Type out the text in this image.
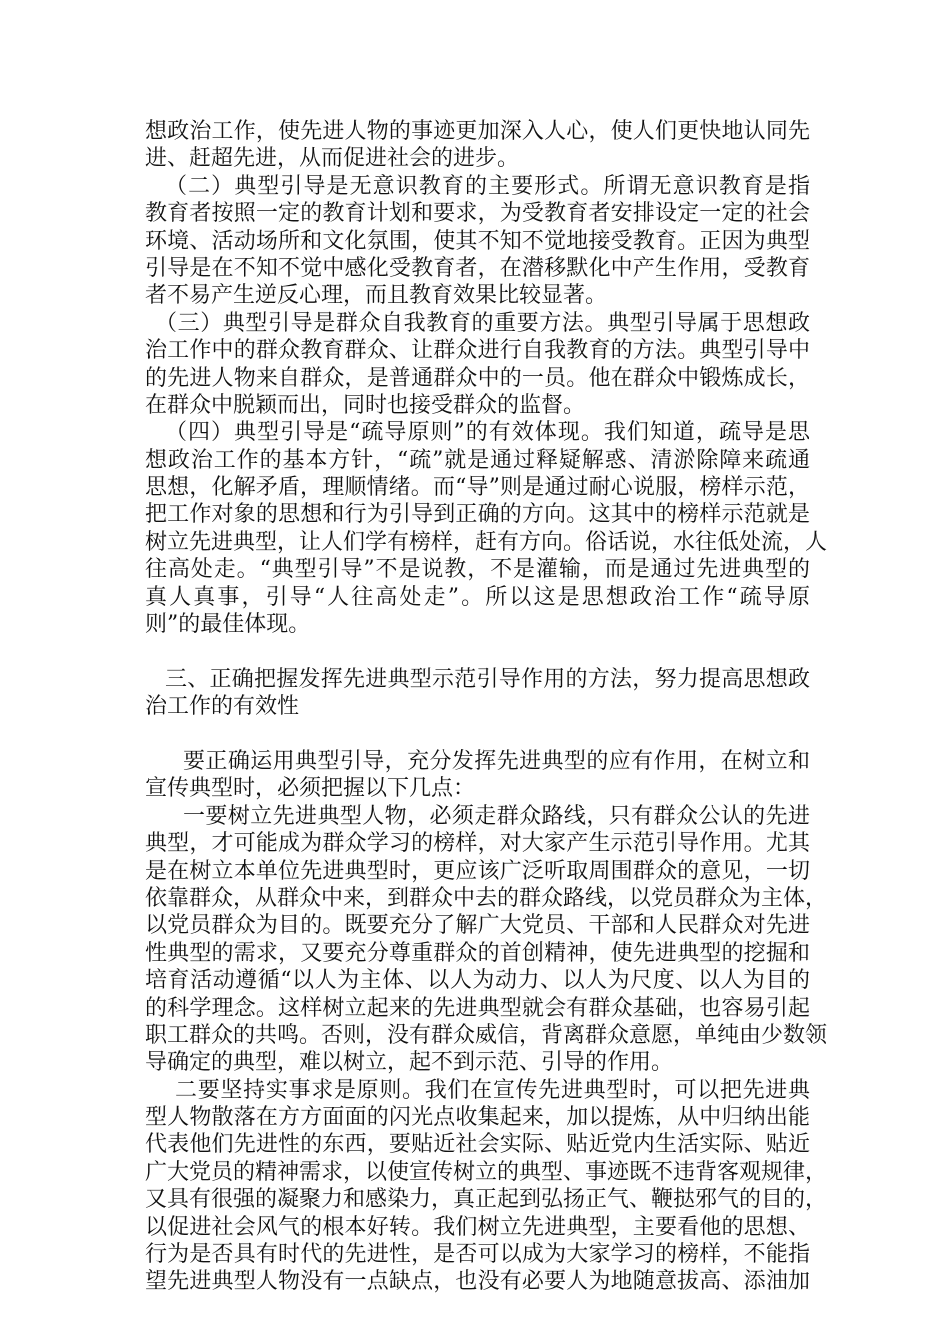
想政治工作，使先进人物的事迹更加深入人心，使人们更快地认同先
进、赶超先进，从而促进社会的进步。
（二）典型引导是无意识教育的主要形式。所谓无意识教育是指
教育者按照一定的教育计划和要求，为受教育者安排设定一定的社会
环境、活动场所和文化氛围，使其不知不觉地接受教育。正因为典型
引导是在不知不觉中感化受教育者，在潜移默化中产生作用，受教育
者不易产生逆反心理，而且教育效果比较显著。
（三）典型引导是群众自我教育的重要方法。典型引导属于思想政
治工作中的群众教育群众、让群众进行自我教育的方法。典型引导中
的先进人物来自群众，是普通群众中的一员。他在群众中锻炼成长，
在群众中脱颖而出，同时也接受群众的监督。
（四）典型引导是“疏导原则”的有效体现。我们知道，疏导是思
想政治工作的基本方针，“疏”就是通过释疑解惑、清淤除障来疏通
思想，化解矛盾，理顺情绪。而“导”则是通过耐心说服，榜样示范，
把工作对象的思想和行为引导到正确的方向。这其中的榜样示范就是
树立先进典型，让人们学有榜样，赶有方向。俗话说，水往低处流，人
往高处走。“典型引导”不是说教，不是灌输，而是通过先进典型的
真人真事，引导“人往高处走”。所以这是思想政治工作“疏导原
则”的最佳体现。
三、正确把握发挥先进典型示范引导作用的方法，努力提高思想政
治工作的有效性
要正确运用典型引导，充分发挥先进典型的应有作用，在树立和
宣传典型时，必须把握以下几点：
一要树立先进典型人物，必须走群众路线，只有群众公认的先进
典型，才可能成为群众学习的榜样，对大家产生示范引导作用。尤其
是在树立本单位先进典型时，更应该广泛听取周围群众的意见，一切
依靠群众，从群众中来，到群众中去的群众路线，以党员群众为主体，
以党员群众为目的。既要充分了解广大党员、干部和人民群众对先进
性典型的需求，又要充分尊重群众的首创精神，使先进典型的挖掘和
培育活动遵循“以人为主体、以人为动力、以人为尺度、以人为目的
的科学理念。这样树立起来的先进典型就会有群众基础，也容易引起
职工群众的共鸣。否则，没有群众威信，背离群众意愿，单纯由少数领
导确定的典型，难以树立，起不到示范、引导的作用。
二要坚持实事求是原则。我们在宣传先进典型时，可以把先进典
型人物散落在方方面面的闪光点收集起来，加以提炼，从中归纳出能
代表他们先进性的东西，要贴近社会实际、贴近党内生活实际、贴近
广大党员的精神需求，以使宣传树立的典型、事迹既不违背客观规律，
又具有很强的凝聚力和感染力，真正起到弘扬正气、鞭挞邪气的目的，
以促进社会风气的根本好转。我们树立先进典型，主要看他的思想、
行为是否具有时代的先进性，是否可以成为大家学习的榜样，不能指
望先进典型人物没有一点缺点，也没有必要人为地随意拔高、添油加
